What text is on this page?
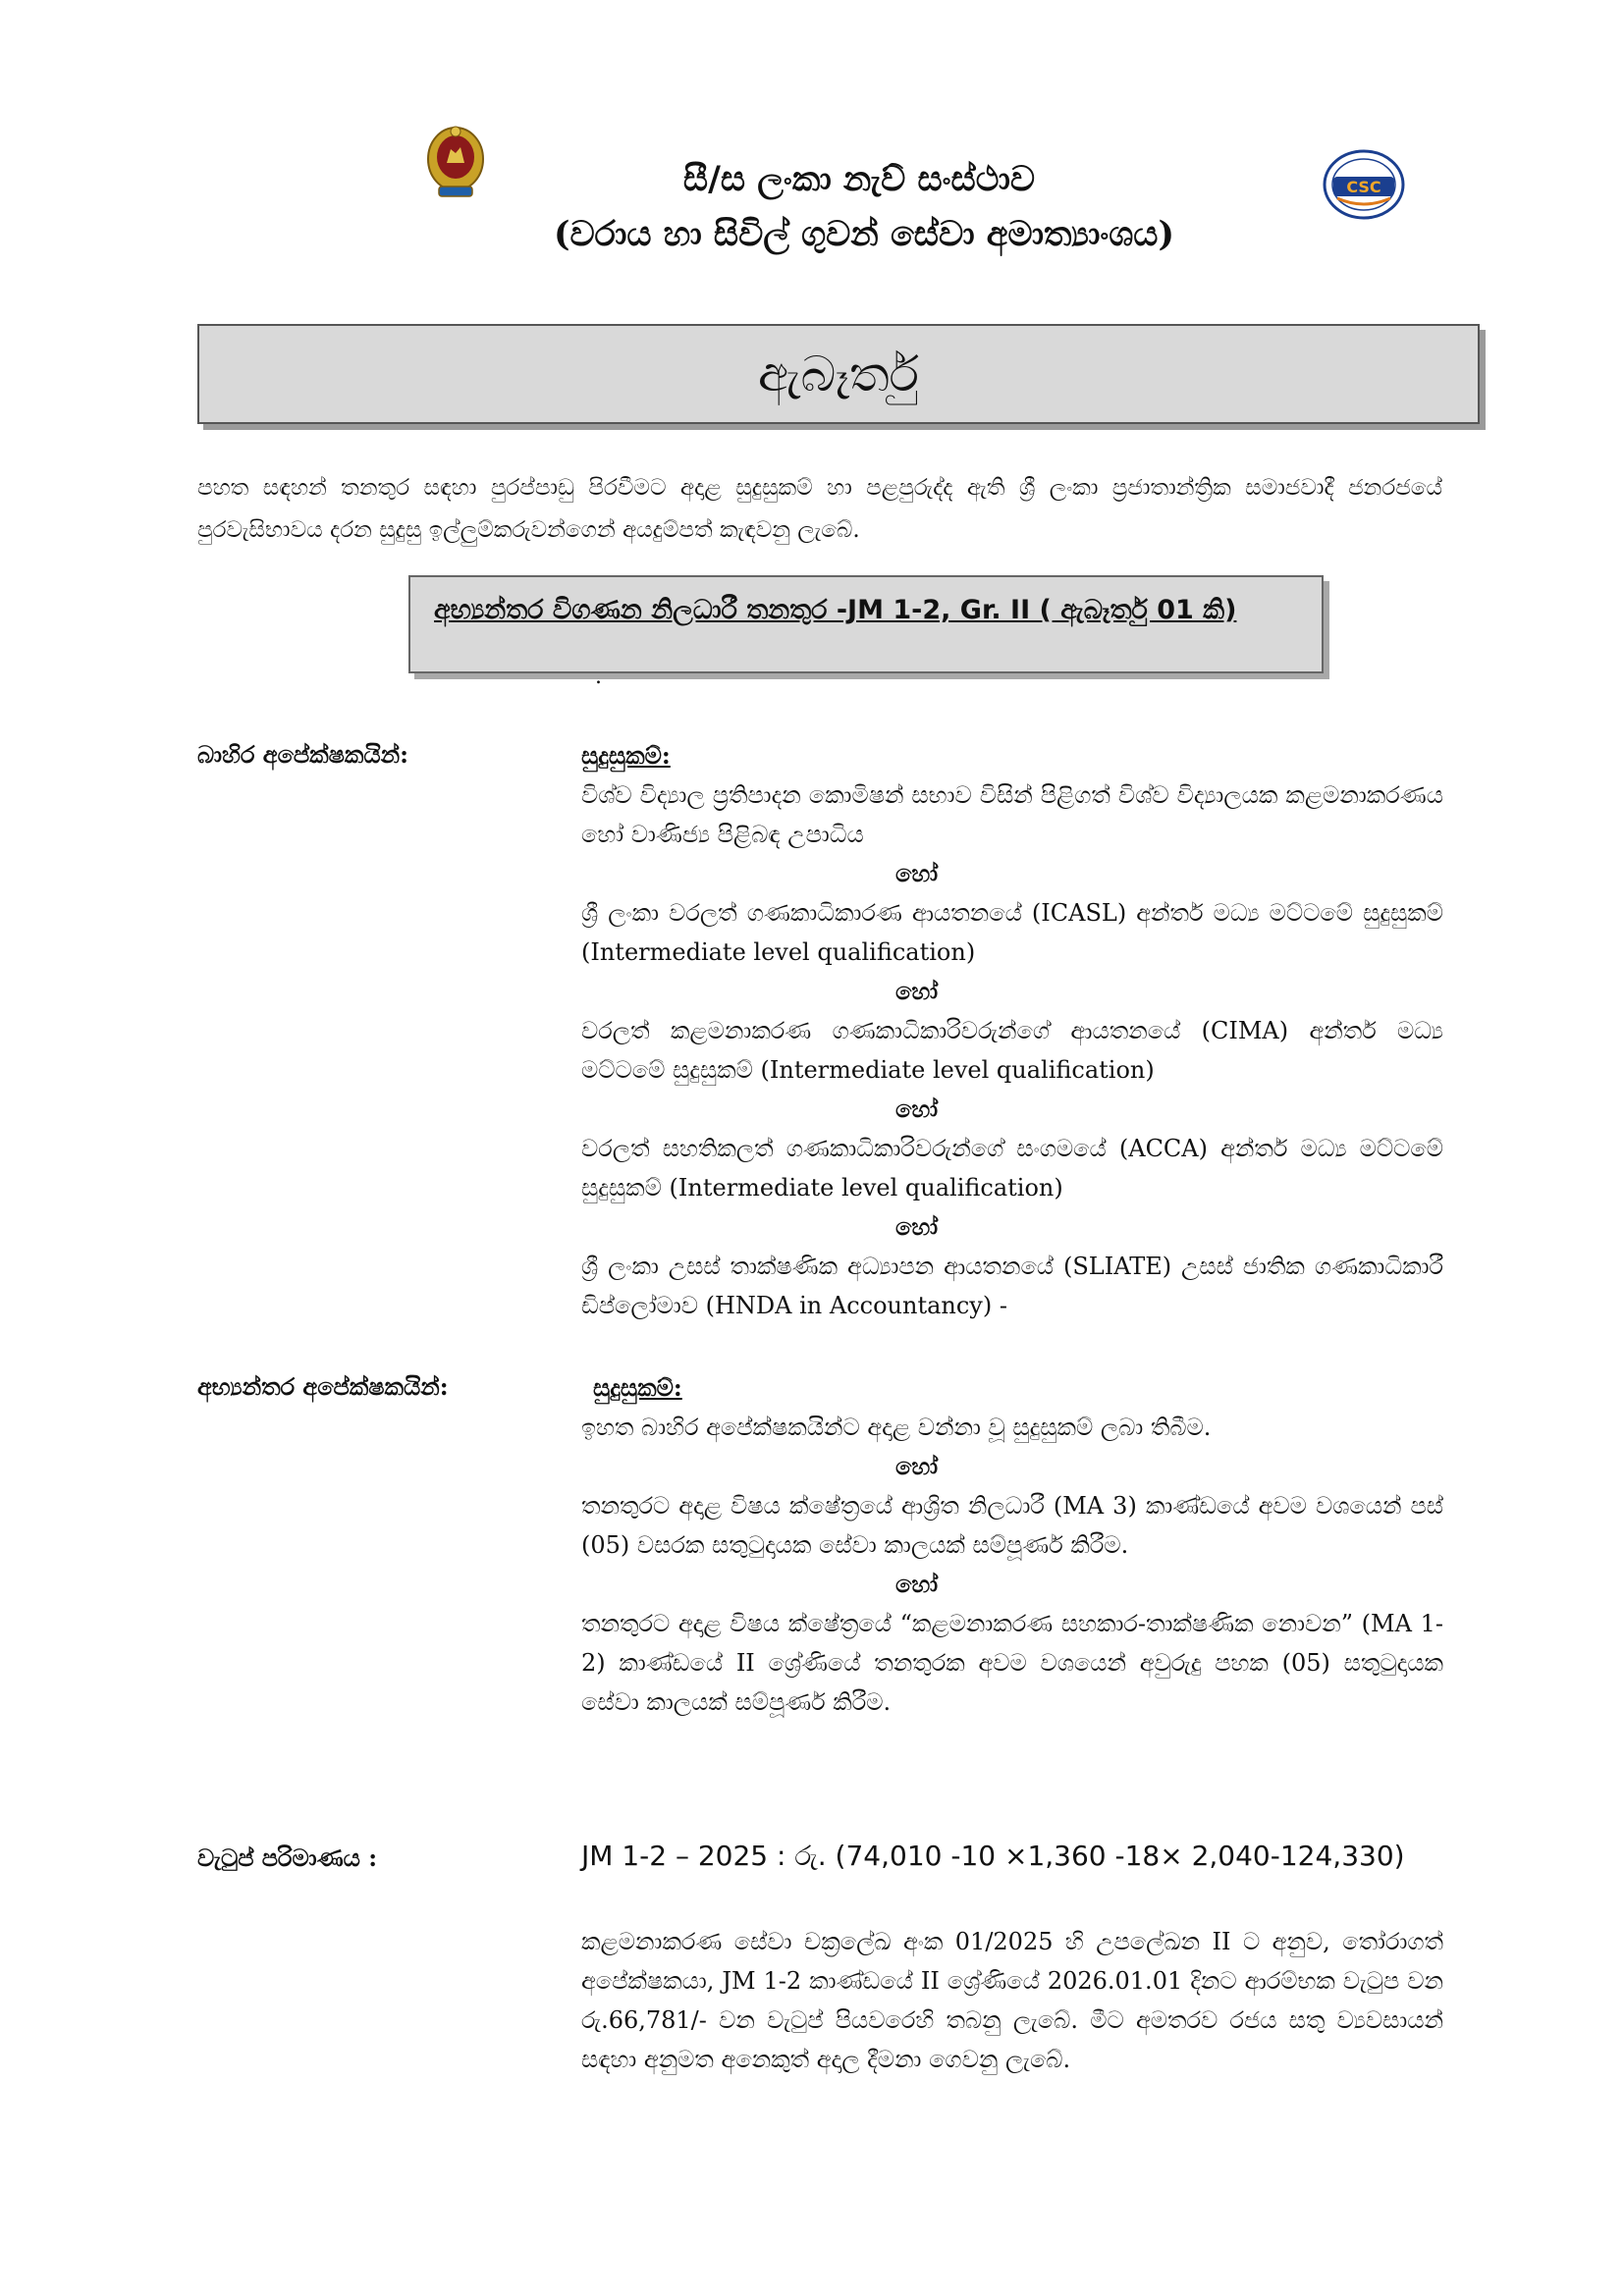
CSC
සී/ස ලංකා නැව් සංස්ථාව
(වරාය හා සිවිල් ගුවන් සේවා අමාත්‍යාංශය)
ඇබෑර්තු
පහත සඳහන් තනතුර සඳහා පුරප්පාඩු පිරවීමට අදාළ සුදුසුකම් හා පළපුරුද්ද ඇති ශ්‍රී ලංකා ප්‍රජාතාන්ත්‍රික සමාජවාදී ජනරජයේ පුරවැසිභාවය දරන සුදුසු ඉල්ලුම්කරුවන්ගෙන් අයදුම්පත් කැඳවනු ලැබේ.
අභ්‍යන්තර විගණන නිලධාරී තනතුර -JM 1-2, Gr. II ( ඇබෑර්තු 01 කි)
.
බාහිර අපේක්ෂකයින්:	සුදුසුකම්:
විශ්ව විද්‍යාල ප්‍රතිපාදන කොමිෂන් සභාව විසින් පිළිගත් විශ්ව විද්‍යාලයක කළමනාකරණය හෝ වාණිජ්‍ය පිළිබඳ උපාධිය
හෝ
ශ්‍රී ලංකා වරලත් ගණකාධිකාරණ ආයතනයේ (ICASL) අන්තර් මධ්‍ය මට්ටමේ සුදුසුකම් (Intermediate level qualification)
හෝ
වරලත් කළමනාකරණ ගණකාධිකාරිවරුන්ගේ ආයතනයේ (CIMA) අන්තර් මධ්‍ය මට්ටමේ සුදුසුකම් (Intermediate level qualification)
හෝ
වරලත් සහතිකලත් ගණකාධිකාරිවරුන්ගේ සංගමයේ (ACCA) අන්තර් මධ්‍ය මට්ටමේ සුදුසුකම් (Intermediate level qualification)
හෝ
ශ්‍රී ලංකා උසස් තාක්ෂණික අධ්‍යාපන ආයතනයේ (SLIATE) උසස් ජාතික ගණකාධිකාරී ඩිප්ලෝමාව (HNDA in Accountancy) -
අභ්‍යන්තර අපේක්ෂකයින්:	සුදුසුකම්:
ඉහත බාහිර අපේක්ෂකයින්ට අදාළ වන්නා වූ සුදුසුකම් ලබා තිබීම.
හෝ
තනතුරට අදාළ විෂය ක්ෂේත්‍රයේ ආශ්‍රිත නිලධාරී (MA 3) කාණ්ඩයේ අවම වශයෙන් පස් (05) වසරක සතුටුදායක සේවා කාලයක් සම්පූර්ණ කිරීම.
හෝ
තනතුරට අදාළ විෂය ක්ෂේත්‍රයේ “කළමනාකරණ සහකාර-තාක්ෂණික නොවන” (MA 1-2) කාණ්ඩයේ II ශ්‍රේණියේ තනතුරක අවම වශයෙන් අවුරුදු පහක (05) සතුටුදායක සේවා කාලයක් සම්පූර්ණ කිරීම.
වැටුප් පරිමාණය :	JM 1-2 – 2025 : රු. (74,010 -10 ×1,360 -18× 2,040-124,330)
කළමනාකරණ සේවා චක්‍රලේඛ අංක 01/2025 හි උපලේඛන II ට අනුව, තෝරාගත් අපේක්ෂකයා, JM 1-2 කාණ්ඩයේ II ශ්‍රේණියේ 2026.01.01 දිනට ආරම්භක වැටුප වන රු.66,781/- වන වැටුප් පියවරෙහි තබනු ලැබේ. මීට අමතරව රජය සතු ව්‍යවසායන් සඳහා අනුමත අනෙකුත් අදාල දීමනා ගෙවනු ලැබේ.
